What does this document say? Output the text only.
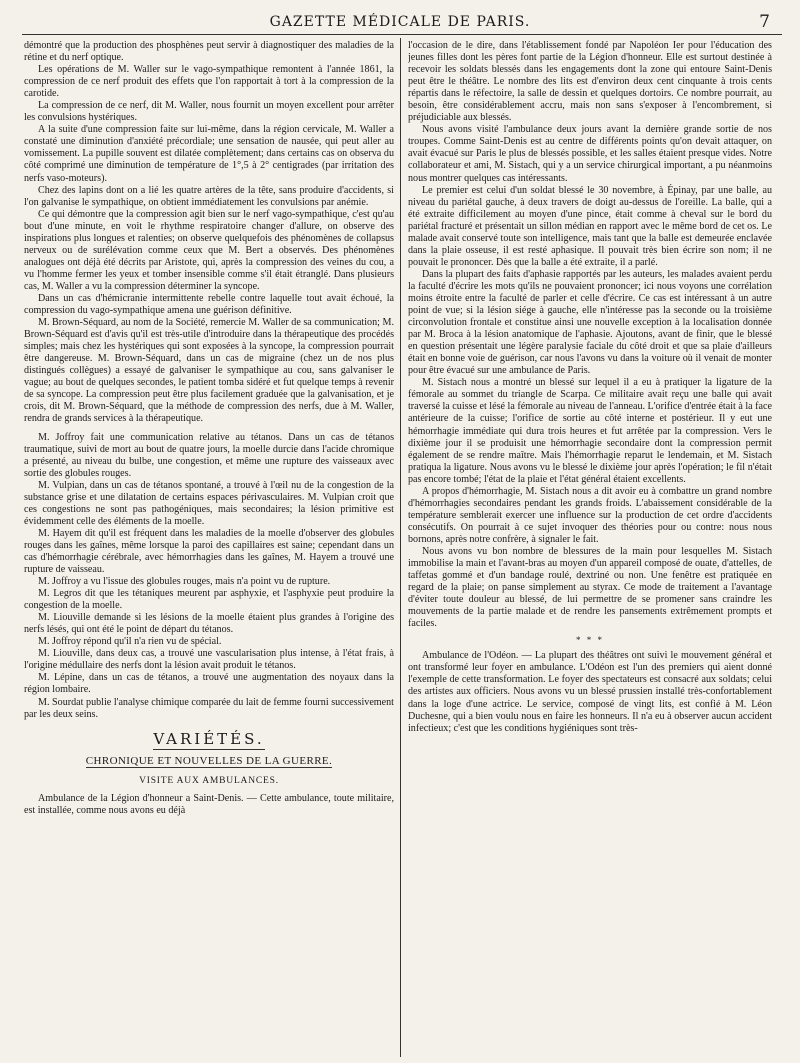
GAZETTE MÉDICALE DE PARIS.	7

démontré que la production des phosphènes peut servir à diagnostiquer des maladies de la rétine et du nerf optique.

Les opérations de M. Waller sur le vago-sympathique remontent à l'année 1861, la compression de ce nerf produit des effets que l'on rapportait à tort à la compression de la carotide.

La compression de ce nerf, dit M. Waller, nous fournit un moyen excellent pour arrêter les convulsions hystériques.

A la suite d'une compression faite sur lui-même, dans la région cervicale, M. Waller a constaté une diminution d'anxiété précordiale; une sensation de nausée, qui peut aller au vomissement. La pupille souvent est dilatée complètement; dans certains cas on observa du côté comprimé une diminution de température de 1°,5 à 2° centigrades (par irritation des nerfs vaso-moteurs).

Chez des lapins dont on a lié les quatre artères de la tête, sans produire d'accidents, si l'on galvanise le sympathique, on obtient immédiatement les convulsions par anémie.

Ce qui démontre que la compression agit bien sur le nerf vago-sympathique, c'est qu'au bout d'une minute, en voit le rhythme respiratoire changer d'allure, on observe des inspirations plus longues et ralenties; on observe quelquefois des phénomènes de collapsus nerveux ou de surélévation comme ceux que M. Bert a observés. Des phénomènes analogues ont déjà été décrits par Aristote, qui, après la compression des veines du cou, a vu l'homme fermer les yeux et tomber insensible comme s'il était étranglé. Dans plusieurs cas, M. Waller a vu la compression déterminer la syncope.

Dans un cas d'hémicranie intermittente rebelle contre laquelle tout avait échoué, la compression du vago-sympathique amena une guérison définitive.

M. Brown-Séquard, au nom de la Société, remercie M. Waller de sa communication; M. Brown-Séquard est d'avis qu'il est très-utile d'introduire dans la thérapeutique des procédés simples; mais chez les hystériques qui sont exposées à la syncope, la compression pourrait être dangereuse. M. Brown-Séquard, dans un cas de migraine (chez un de nos plus distingués collègues) a essayé de galvaniser le sympathique au cou, sans galvaniser le vague; au bout de quelques secondes, le patient tomba sidéré et fut quelque temps à revenir de sa syncope. La compression peut être plus facilement graduée que la galvanisation, et je crois, dit M. Brown-Séquard, que la méthode de compression des nerfs, due à M. Waller, rendra de grands services à la thérapeutique.

M. Joffroy fait une communication relative au tétanos. Dans un cas de tétanos traumatique, suivi de mort au bout de quatre jours, la moelle durcie dans l'acide chromique a présenté, au niveau du bulbe, une congestion, et même une rupture des vaisseaux avec sortie des globules rouges.

M. Vulpian, dans un cas de tétanos spontané, a trouvé à l'œil nu de la congestion de la substance grise et une dilatation de certains espaces périvasculaires. M. Vulpian croit que ces congestions ne sont pas pathogéniques, mais secondaires; la lésion primitive est évidemment celle des éléments de la moelle.

M. Hayem dit qu'il est fréquent dans les maladies de la moelle d'observer des globules rouges dans les gaînes, même lorsque la paroi des capillaires est saine; cependant dans un cas d'hémorrhagie cérébrale, avec hémorrhagies dans les gaînes, M. Hayem a trouvé une rupture de vaisseau.

M. Joffroy a vu l'issue des globules rouges, mais n'a point vu de rupture.

M. Legros dit que les tétaniques meurent par asphyxie, et l'asphyxie peut produire la congestion de la moelle.

M. Liouville demande si les lésions de la moelle étaient plus grandes à l'origine des nerfs lésés, qui ont été le point de départ du tétanos.

M. Joffroy répond qu'il n'a rien vu de spécial.

M. Liouville, dans deux cas, a trouvé une vascularisation plus intense, à l'état frais, à l'origine médullaire des nerfs dont la lésion avait produit le tétanos.

M. Lépine, dans un cas de tétanos, a trouvé une augmentation des noyaux dans la région lombaire.

M. Sourdat publie l'analyse chimique comparée du lait de femme fourni successivement par les deux seins.

VARIÉTÉS.
CHRONIQUE ET NOUVELLES DE LA GUERRE.
VISITE AUX AMBULANCES.

Ambulance de la Légion d'honneur a Saint-Denis. — Cette ambulance, toute militaire, est installée, comme nous avons eu déjà

l'occasion de le dire, dans l'établissement fondé par Napoléon Ier pour l'éducation des jeunes filles dont les pères font partie de la Légion d'honneur. Elle est surtout destinée à recevoir les soldats blessés dans les engagements dont la zone qui entoure Saint-Denis peut être le théâtre. Le nombre des lits est d'environ deux cent cinquante à trois cents répartis dans le réfectoire, la salle de dessin et quelques dortoirs. Ce nombre pourrait, au besoin, être considérablement accru, mais non sans s'exposer à l'encombrement, si préjudiciable aux blessés.

Nous avons visité l'ambulance deux jours avant la dernière grande sortie de nos troupes. Comme Saint-Denis est au centre de différents points qu'on devait attaquer, on avait évacué sur Paris le plus de blessés possible, et les salles étaient presque vides. Notre collaborateur et ami, M. Sistach, qui y a un service chirurgical important, a pu néanmoins nous montrer quelques cas intéressants.

Le premier est celui d'un soldat blessé le 30 novembre, à Épinay, par une balle, au niveau du pariétal gauche, à deux travers de doigt au-dessus de l'oreille. La balle, qui a été extraite difficilement au moyen d'une pince, était comme à cheval sur le bord du pariétal fracturé et présentait un sillon médian en rapport avec le même bord de cet os. Le malade avait conservé toute son intelligence, mais tant que la balle est demeurée enclavée dans la plaie osseuse, il est resté aphasique. Il pouvait très bien écrire son nom; il ne pouvait le prononcer. Dès que la balle a été extraite, il a parlé.

Dans la plupart des faits d'aphasie rapportés par les auteurs, les malades avaient perdu la faculté d'écrire les mots qu'ils ne pouvaient prononcer; ici nous voyons une corrélation moins étroite entre la faculté de parler et celle d'écrire. Ce cas est intéressant à un autre point de vue; si la lésion siége à gauche, elle n'intéresse pas la seconde ou la troisième circonvolution frontale et constitue ainsi une nouvelle exception à la localisation donnée par M. Broca à la lésion anatomique de l'aphasie. Ajoutons, avant de finir, que le blessé en question présentait une légère paralysie faciale du côté droit et que sa plaie d'ailleurs était en bonne voie de guérison, car nous l'avons vu dans la voiture où il venait de monter pour être évacué sur une ambulance de Paris.

M. Sistach nous a montré un blessé sur lequel il a eu à pratiquer la ligature de la fémorale au sommet du triangle de Scarpa. Ce militaire avait reçu une balle qui avait traversé la cuisse et lésé la fémorale au niveau de l'anneau. L'orifice d'entrée était à la face antérieure de la cuisse; l'orifice de sortie au côté interne et postérieur. Il y eut une hémorrhagie immédiate qui dura trois heures et fut arrêtée par la compression. Vers le dixième jour il se produisit une hémorrhagie secondaire dont la compression permit également de se rendre maître. Mais l'hémorrhagie reparut le lendemain, et M. Sistach pratiqua la ligature. Nous avons vu le blessé le dixième jour après l'opération; le fil n'était pas encore tombé; l'état de la plaie et l'état général étaient excellents.

A propos d'hémorrhagie, M. Sistach nous a dit avoir eu à combattre un grand nombre d'hémorrhagies secondaires pendant les grands froids. L'abaissement considérable de la température semblerait exercer une influence sur la production de cet ordre d'accidents consécutifs. On pourrait à ce sujet invoquer des théories pour ou contre: nous nous bornons, après notre confrère, à signaler le fait.

Nous avons vu bon nombre de blessures de la main pour lesquelles M. Sistach immobilise la main et l'avant-bras au moyen d'un appareil composé de ouate, d'attelles, de taffetas gommé et d'un bandage roulé, dextriné ou non. Une fenêtre est pratiquée en regard de la plaie; on panse simplement au styrax. Ce mode de traitement a l'avantage d'éviter toute douleur au blessé, de lui permettre de se promener sans craindre les mouvements de la partie malade et de rendre les pansements extrêmement prompts et faciles.

* * *

Ambulance de l'Odéon. — La plupart des théâtres ont suivi le mouvement général et ont transformé leur foyer en ambulance. L'Odéon est l'un des premiers qui aient donné l'exemple de cette transformation. Le foyer des spectateurs est consacré aux soldats; celui des artistes aux officiers. Nous avons vu un blessé prussien installé très-confortablement dans la loge d'une actrice. Le service, composé de vingt lits, est confié à M. Léon Duchesne, qui a bien voulu nous en faire les honneurs. Il n'a eu à observer aucun accident infectieux; c'est que les conditions hygiéniques sont très-
